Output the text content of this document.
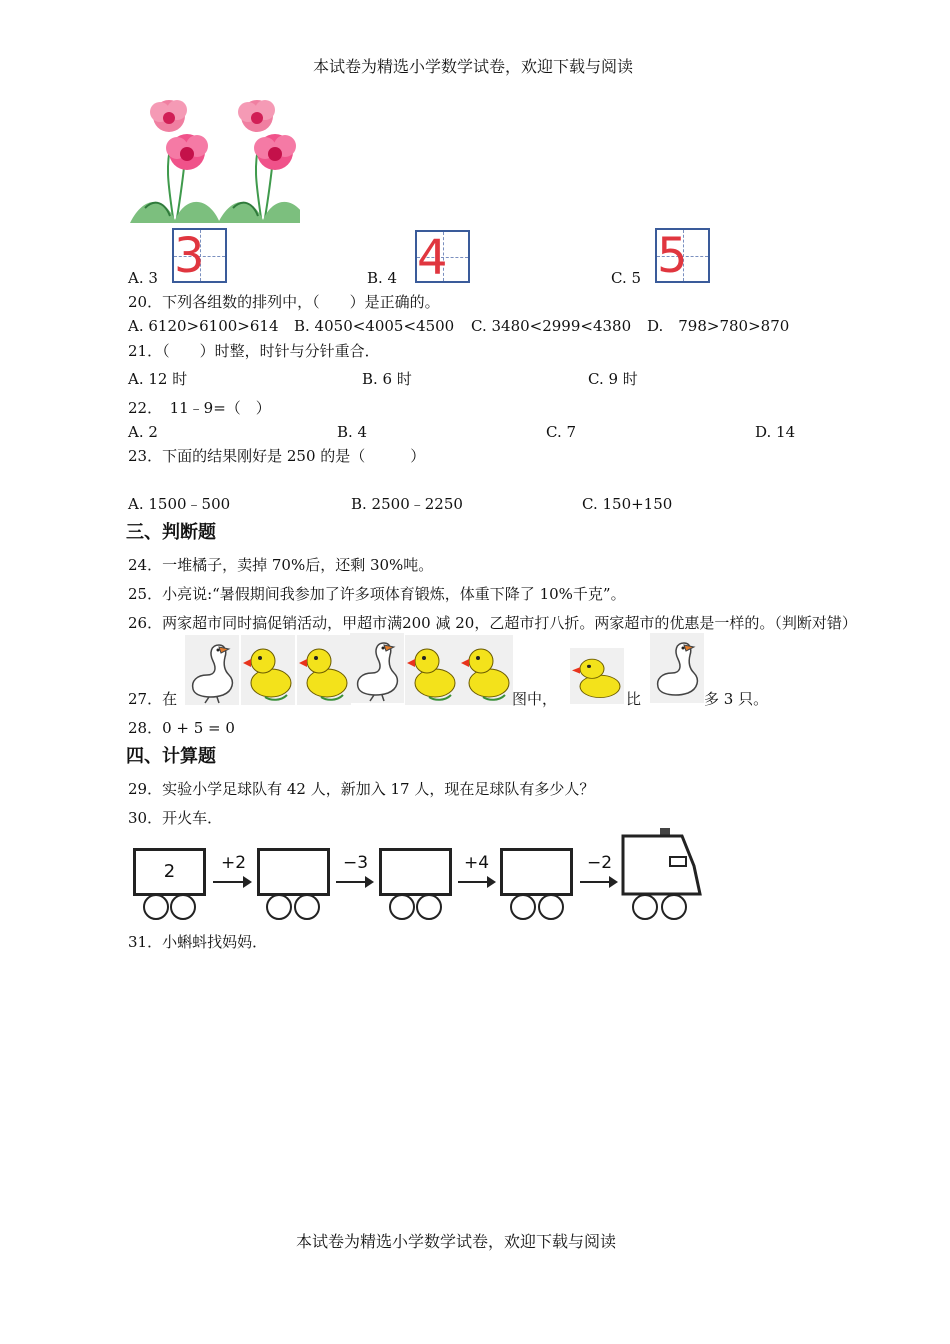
本试卷为精选小学数学试卷，欢迎下载与阅读
A. 3 3	B. 4 4	C. 5 5
20．下列各组数的排列中，（　　）是正确的。
A. 6120>6100>614 B. 4050<4005<4500 C. 3480<2999<4380 D.　798>780>870
21．（　　）时整，时针与分针重合．
A. 12 时	B. 6 时	C. 9 时
22．　11﹣9=（　）
A. 2	B. 4	C. 7	D. 14
23．下面的结果刚好是 250 的是（　　　）
A. 1500﹣500	B. 2500﹣2250	C. 150+150
三、判断题
24．一堆橘子，卖掉 70%后，还剩 30%吨。
25．小亮说:“暑假期间我参加了许多项体育锻炼，体重下降了 10%千克”。
26．两家超市同时搞促销活动，甲超市满200 减 20，乙超市打八折。两家超市的优惠是一样的。（判断对错）
27．在	图中，	比	多 3 只。
28．0 + 5 = 0
四、计算题
29．实验小学足球队有 42 人，新加入 17 人，现在足球队有多少人？
30．开火车．
2	+2	−3	+4	−2
31．小蝌蚪找妈妈．
本试卷为精选小学数学试卷，欢迎下载与阅读
